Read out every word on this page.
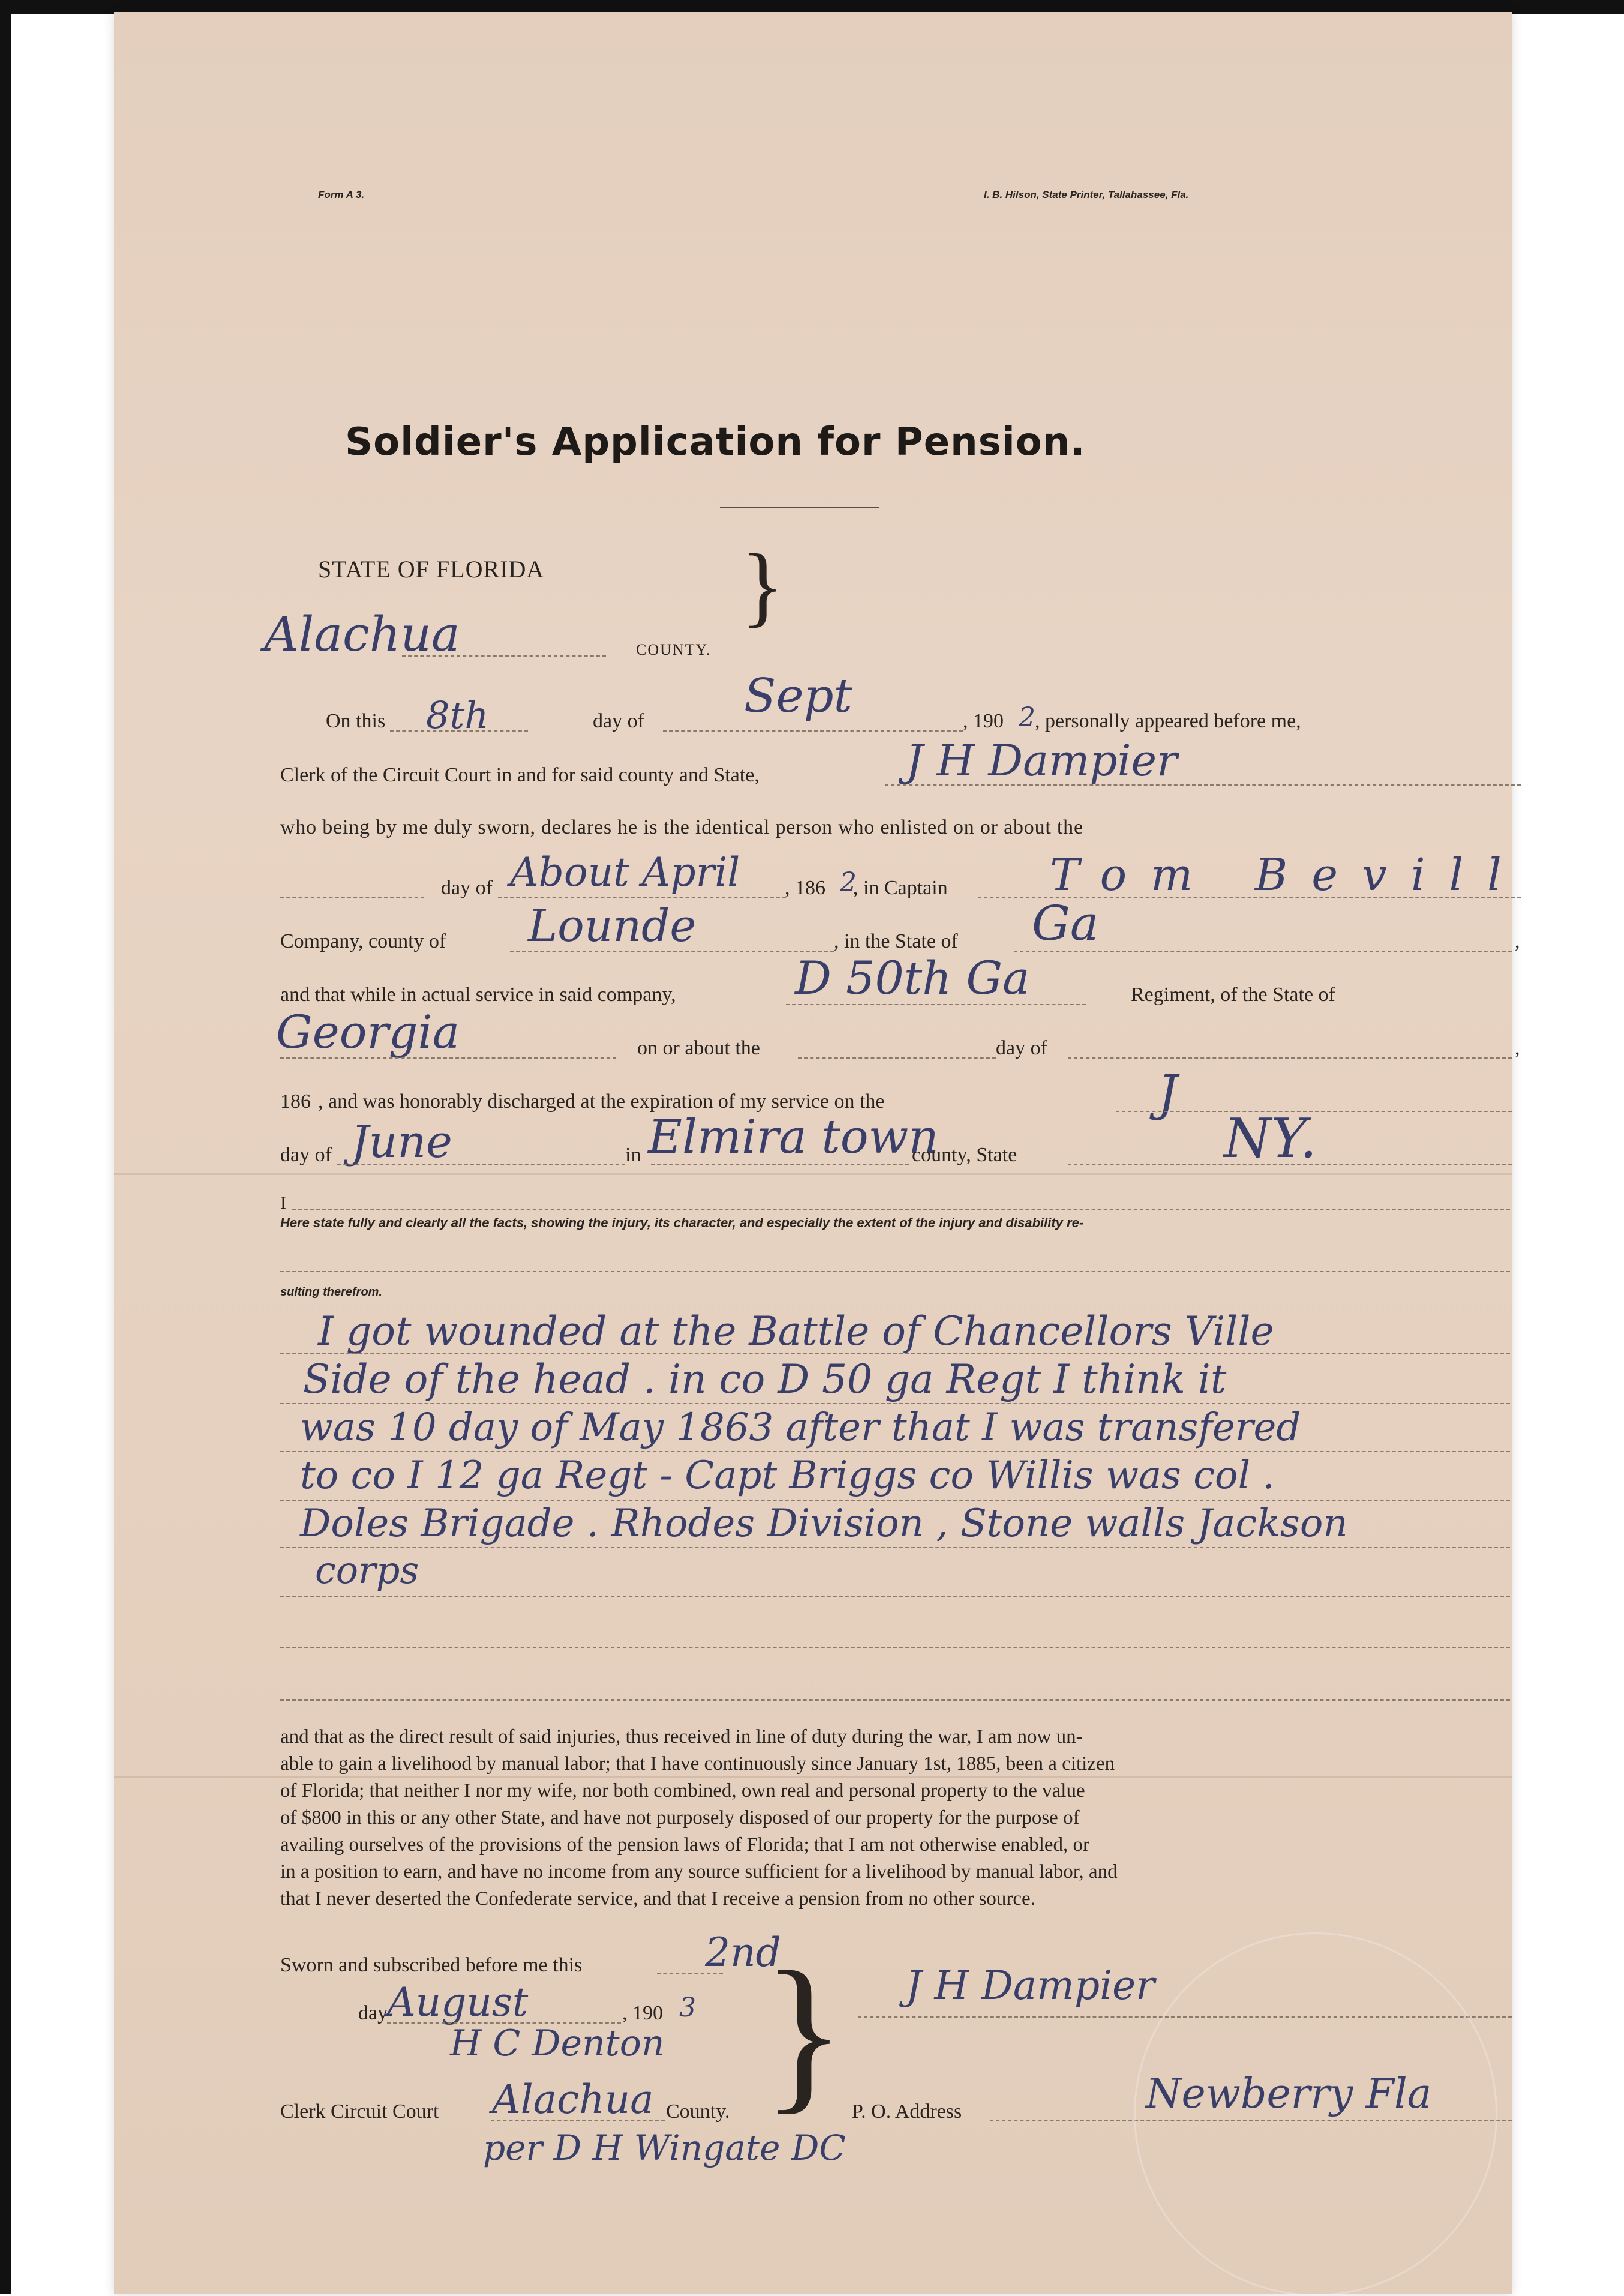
Form A 3.	I. B. Hilson, State Printer, Tallahassee, Fla.
Soldier's Application for Pension.
STATE OF FLORIDA
Alachua	COUNTY.
}
On this 8th	day of Sept	, 190 2 , personally appeared before me,
Clerk of the Circuit Court in and for said county and State,	J H Dampier
who being by me duly sworn, declares he is the identical person who enlisted on or about the
day of About April , 186 2
, in Captain Tom Bevill
Company, county of Lounde	, in the State of Ga	,
and that while in actual service in said company,	D 50th Ga	Regiment, of the State of
Georgia	on or about the	day of	,
186 , and was honorably discharged at the expiration of my service on the	J
day of June	in Elmira town
county, State	NY.
I
Here state fully and clearly all the facts, showing the injury, its character, and especially the extent of the injury and disability re-
sulting therefrom.
I got wounded at the Battle of Chancellors Ville
Side of the head . in co D 50 ga Regt I think it
was 10 day of May 1863 after that I was transfered
to co I 12 ga Regt - Capt Briggs co Willis was col .
Doles Brigade . Rhodes Division , Stone walls Jackson
corps
and that as the direct result of said injuries, thus received in line of duty during the war, I am now un-
able to gain a livelihood by manual labor; that I have continuously since January 1st, 1885, been a citizen
of Florida; that neither I nor my wife, nor both combined, own real and personal property to the value
of $800 in this or any other State, and have not purposely disposed of our property for the purpose of
availing ourselves of the provisions of the pension laws of Florida; that I am not otherwise enabled, or
in a position to earn, and have no income from any source sufficient for a livelihood by manual labor, and
that I never deserted the Confederate service, and that I receive a pension from no other source.
Sworn and subscribed before me this	2nd
day
August	, 190 3
H C Denton
Clerk Circuit Court Alachua County.
per D H Wingate DC
} J H Dampier
P. O. Address	Newberry Fla
